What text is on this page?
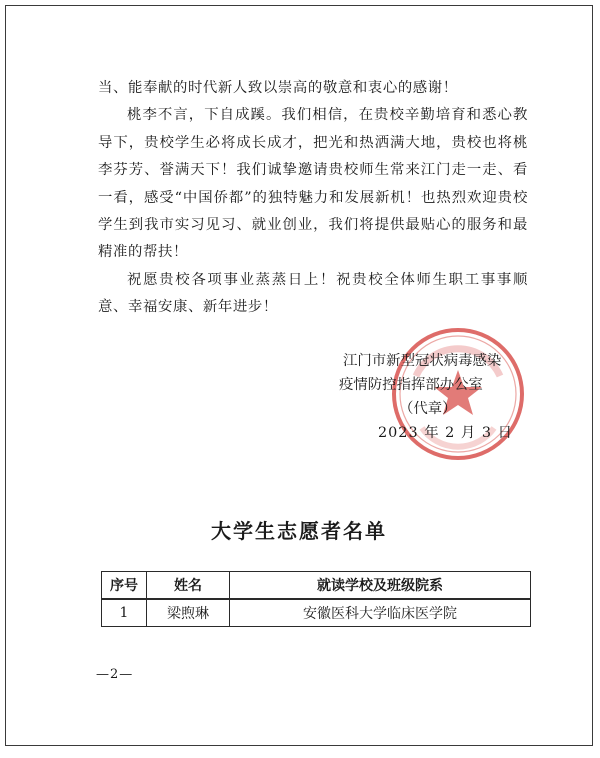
当、能奉献的时代新人致以崇高的敬意和衷心的感谢！

桃李不言，下自成蹊。我们相信，在贵校辛勤培育和悉心教导下，贵校学生必将成长成才，把光和热洒满大地，贵校也将桃李芬芳、誉满天下！我们诚挚邀请贵校师生常来江门走一走、看一看，感受“中国侨都”的独特魅力和发展新机！也热烈欢迎贵校学生到我市实习见习、就业创业，我们将提供最贴心的服务和最精准的帮扶！

祝愿贵校各项事业蒸蒸日上！祝贵校全体师生职工事事顺意、幸福安康、新年进步！

江门市新型冠状病毒感染
疫情防控指挥部办公室
（代章）
2023 年 2 月 3 日
大学生志愿者名单
序号	姓名	就读学校及班级院系
1	梁煦琳	安徽医科大学临床医学院
—2—
